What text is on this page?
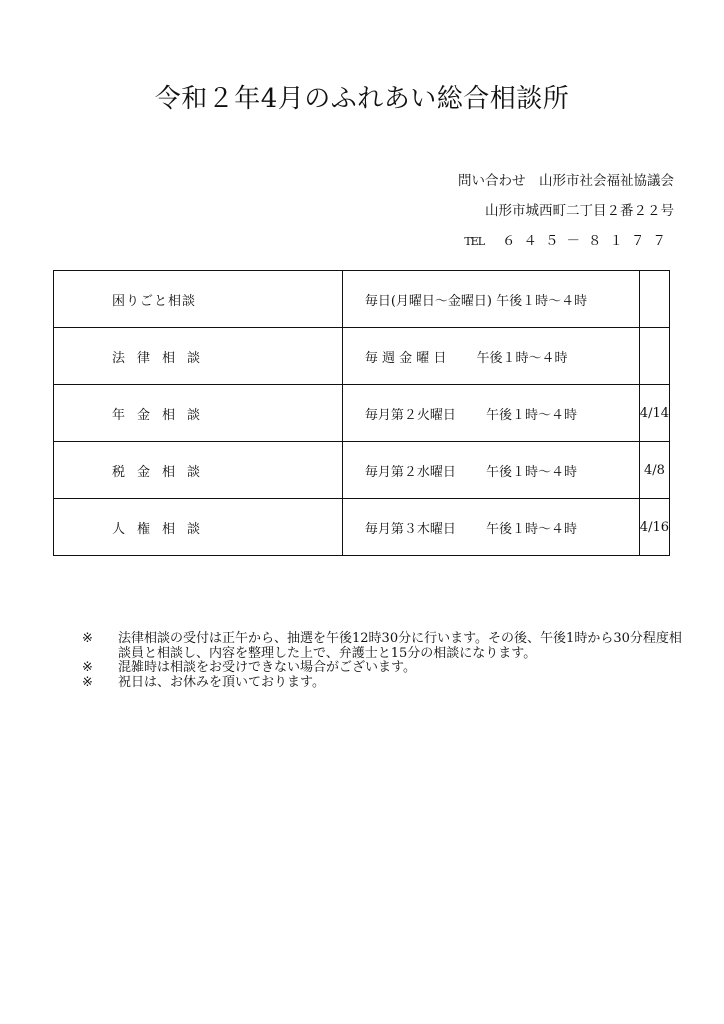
令和２年4月のふれあい総合相談所
問い合わせ　 山形市社会福祉協議会
山形市城西町二丁目２番２２号
TEL ６４５－８１７７
困りごと相談	毎日(月曜日～金曜日) 午後１時～４時	
法律相談	毎 週 金 曜 日　　 午後１時～４時	
年金相談	毎月第２火曜日　　 午後１時～４時	4/14
税金相談	毎月第２水曜日　　 午後１時～４時	4/8
人権相談	毎月第３木曜日　　 午後１時～４時	4/16
※	法律相談の受付は正午から、抽選を午後12時30分に行います。その後、午後1時から30分程度相談員と相談し、内容を整理した上で、弁護士と15分の相談になります。
※	混雑時は相談をお受けできない場合がございます。
※	祝日は、お休みを頂いております。
